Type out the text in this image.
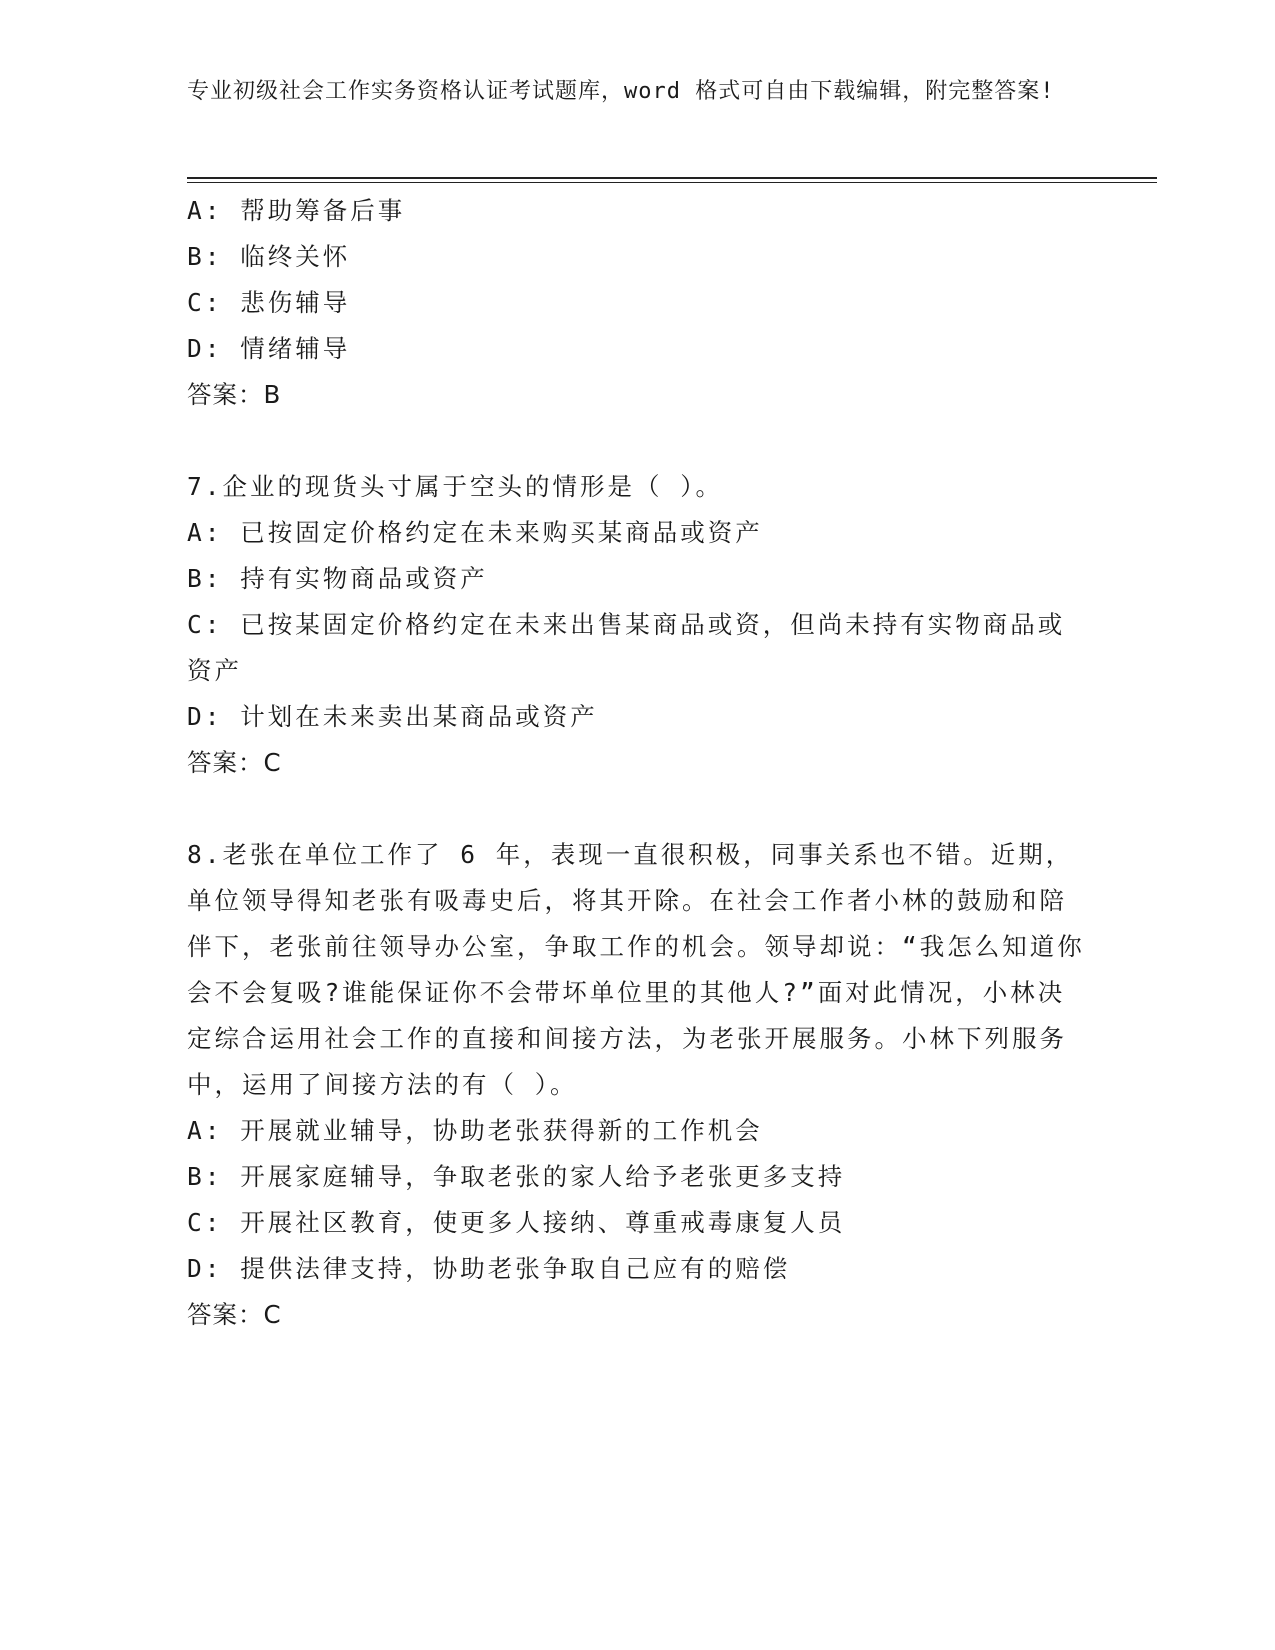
专业初级社会工作实务资格认证考试题库，word 格式可自由下载编辑，附完整答案!

A: 帮助筹备后事

B: 临终关怀

C: 悲伤辅导

D: 情绪辅导

答案：B

7.企业的现货头寸属于空头的情形是（ ）。

A: 已按固定价格约定在未来购买某商品或资产

B: 持有实物商品或资产

C: 已按某固定价格约定在未来出售某商品或资，但尚未持有实物商品或资产

D: 计划在未来卖出某商品或资产

答案：C

8.老张在单位工作了 6 年，表现一直很积极，同事关系也不错。近期，单位领导得知老张有吸毒史后，将其开除。在社会工作者小林的鼓励和陪伴下，老张前往领导办公室，争取工作的机会。领导却说：“我怎么知道你会不会复吸?谁能保证你不会带坏单位里的其他人?”面对此情况，小林决定综合运用社会工作的直接和间接方法，为老张开展服务。小林下列服务中，运用了间接方法的有（ ）。

A: 开展就业辅导，协助老张获得新的工作机会

B: 开展家庭辅导，争取老张的家人给予老张更多支持

C: 开展社区教育，使更多人接纳、尊重戒毒康复人员

D: 提供法律支持，协助老张争取自己应有的赔偿

答案：C
